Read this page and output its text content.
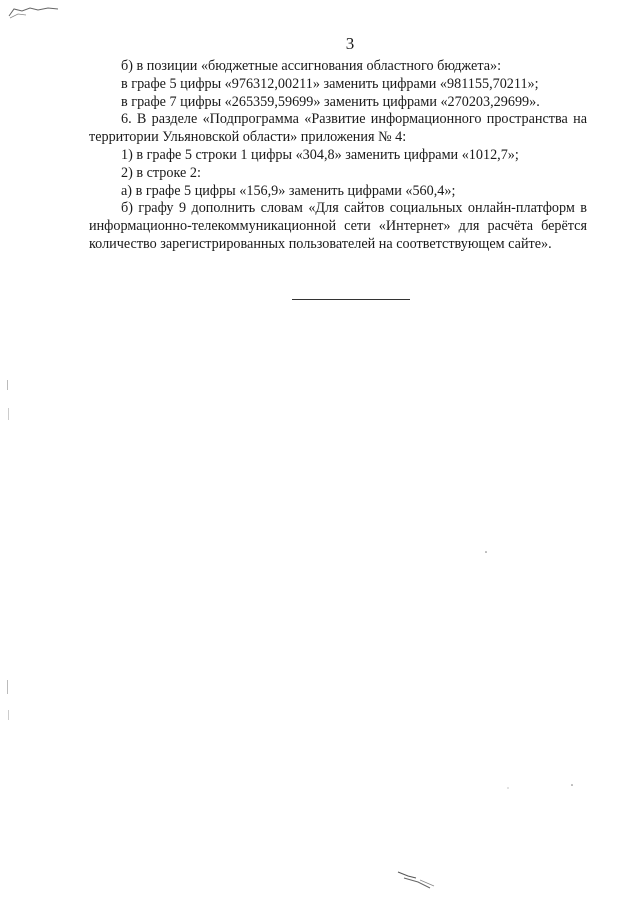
3

б) в позиции «бюджетные ассигнования областного бюджета»:

в графе 5 цифры «976312,00211» заменить цифрами «981155,70211»;

в графе 7 цифры «265359,59699» заменить цифрами «270203,29699».

6. В разделе «Подпрограмма «Развитие информационного пространства на территории Ульяновской области» приложения № 4:

1) в графе 5 строки 1 цифры «304,8» заменить цифрами «1012,7»;

2) в строке 2:

а) в графе 5 цифры «156,9» заменить цифрами «560,4»;

б) графу 9 дополнить словам «Для сайтов социальных онлайн-платформ в информационно-телекоммуникационной сети «Интернет» для расчёта берётся количество зарегистрированных пользователей на соответствующем сайте».
